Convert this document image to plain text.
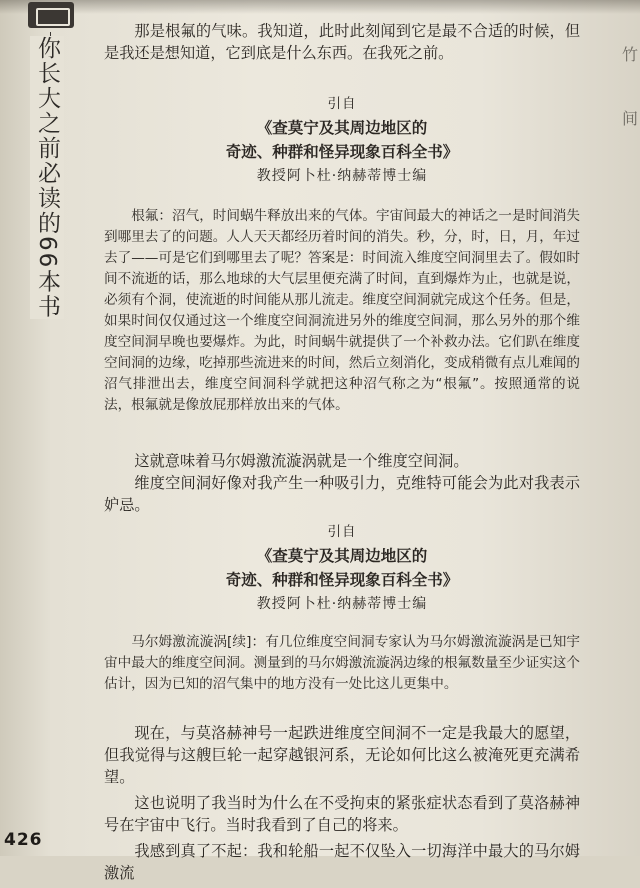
你长大之前必读的66本书	竹
间

那是根氟的气味。我知道，此时此刻闻到它是最不合适的时候，但是我还是想知道，它到底是什么东西。在我死之前。

引自
《查莫宁及其周边地区的
奇迹、种群和怪异现象百科全书》
教授阿卜杜·纳赫蒂博士编

根氟：沼气，时间蜗牛释放出来的气体。宇宙间最大的神话之一是时间消失到哪里去了的问题。人人天天都经历着时间的消失。秒，分，时，日，月，年过去了——可是它们到哪里去了呢？答案是：时间流入维度空间洞里去了。假如时间不流逝的话，那么地球的大气层里便充满了时间，直到爆炸为止，也就是说，必须有个洞，使流逝的时间能从那儿流走。维度空间洞就完成这个任务。但是，如果时间仅仅通过这一个维度空间洞流进另外的维度空间洞，那么另外的那个维度空间洞早晚也要爆炸。为此，时间蜗牛就提供了一个补救办法。它们趴在维度空间洞的边缘，吃掉那些流进来的时间，然后立刻消化，变成稍微有点儿难闻的沼气排泄出去，维度空间洞科学就把这种沼气称之为“根氟”。按照通常的说法，根氟就是像放屁那样放出来的气体。

这就意味着马尔姆激流漩涡就是一个维度空间洞。

维度空间洞好像对我产生一种吸引力，克维特可能会为此对我表示妒忌。

引自
《查莫宁及其周边地区的
奇迹、种群和怪异现象百科全书》
教授阿卜杜·纳赫蒂博士编

马尔姆激流漩涡[续]：有几位维度空间洞专家认为马尔姆激流漩涡是已知宇宙中最大的维度空间洞。测量到的马尔姆激流漩涡边缘的根氟数量至少证实这个估计，因为已知的沼气集中的地方没有一处比这儿更集中。

现在，与莫洛赫神号一起跌进维度空间洞不一定是我最大的愿望，但我觉得与这艘巨轮一起穿越银河系，无论如何比这么被淹死更充满希望。

这也说明了我当时为什么在不受拘束的紧张症状态看到了莫洛赫神号在宇宙中飞行。当时我看到了自己的将来。

我感到真了不起：我和轮船一起不仅坠入一切海洋中最大的马尔姆激流

426
